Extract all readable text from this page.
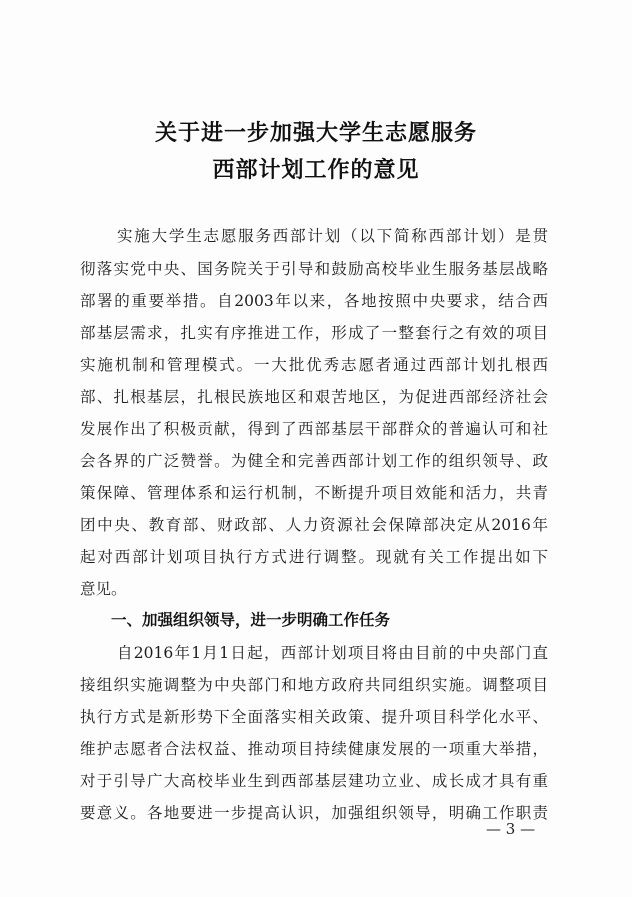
关于进一步加强大学生志愿服务
西部计划工作的意见
实施大学生志愿服务西部计划（以下简称西部计划）是贯
彻落实党中央、国务院关于引导和鼓励高校毕业生服务基层战略
部署的重要举措。自2003年以来，各地按照中央要求，结合西
部基层需求，扎实有序推进工作，形成了一整套行之有效的项目
实施机制和管理模式。一大批优秀志愿者通过西部计划扎根西
部、扎根基层，扎根民族地区和艰苦地区，为促进西部经济社会
发展作出了积极贡献，得到了西部基层干部群众的普遍认可和社
会各界的广泛赞誉。为健全和完善西部计划工作的组织领导、政
策保障、管理体系和运行机制，不断提升项目效能和活力，共青
团中央、教育部、财政部、人力资源社会保障部决定从2016年
起对西部计划项目执行方式进行调整。现就有关工作提出如下
意见。
一、加强组织领导，进一步明确工作任务
自2016年1月1日起，西部计划项目将由目前的中央部门直
接组织实施调整为中央部门和地方政府共同组织实施。调整项目
执行方式是新形势下全面落实相关政策、提升项目科学化水平、
维护志愿者合法权益、推动项目持续健康发展的一项重大举措，
对于引导广大高校毕业生到西部基层建功立业、成长成才具有重
要意义。各地要进一步提高认识，加强组织领导，明确工作职责
— 3 —
